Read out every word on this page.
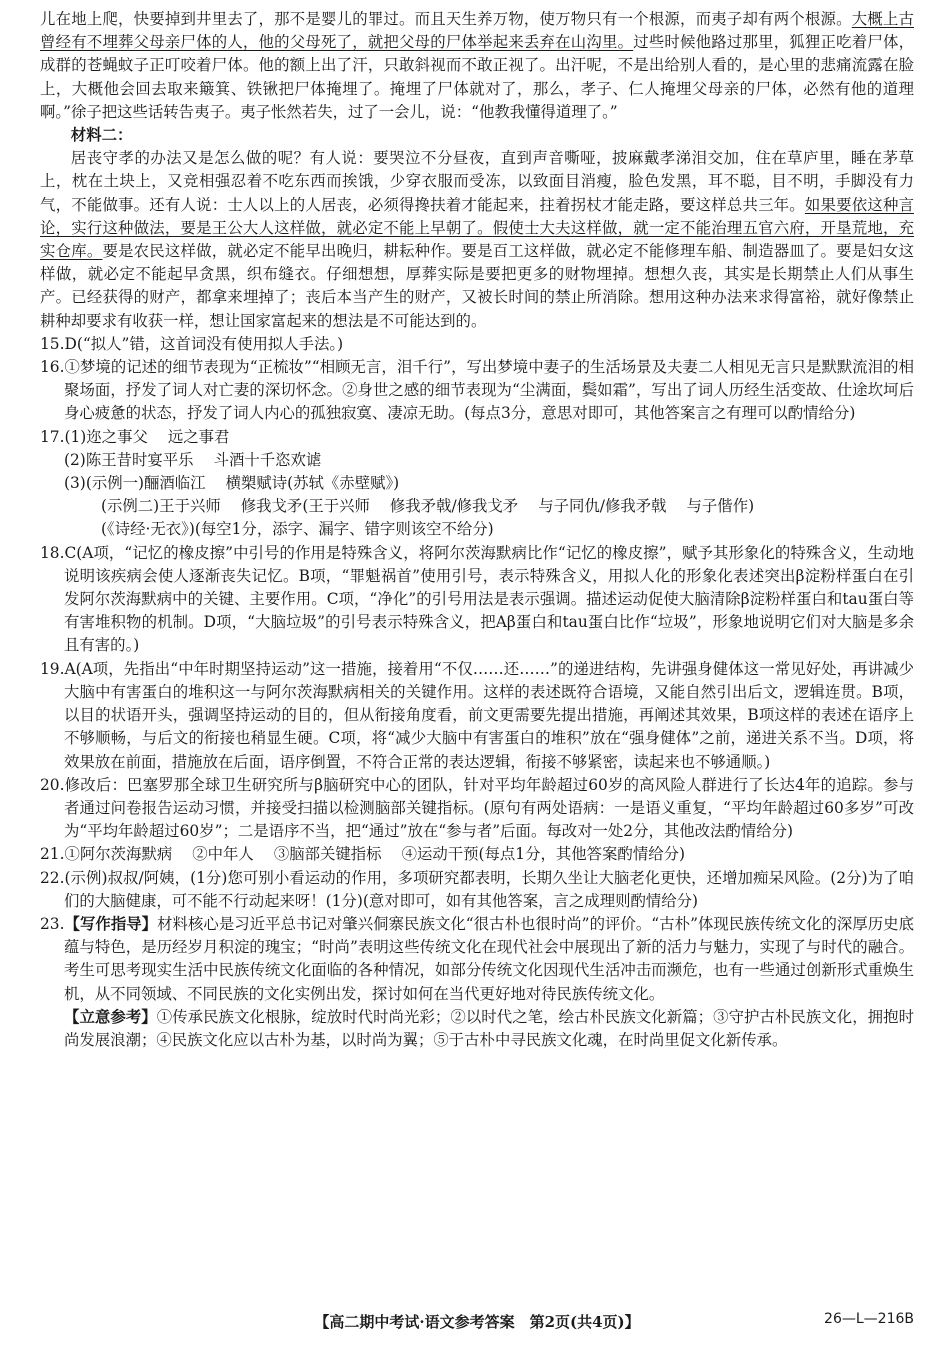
儿在地上爬，快要掉到井里去了，那不是婴儿的罪过。而且天生养万物，使万物只有一个根源，而夷子却有两个根源。大概上古曾经有不埋葬父母亲尸体的人，他的父母死了，就把父母的尸体举起来丢弃在山沟里。过些时候他路过那里，狐狸正吃着尸体，成群的苍蝇蚊子正叮咬着尸体。他的额上出了汗，只敢斜视而不敢正视了。出汗呢，不是出给别人看的，是心里的悲痛流露在脸上，大概他会回去取来簸箕、铁锹把尸体掩埋了。掩埋了尸体就对了，那么，孝子、仁人掩埋父母亲的尸体，必然有他的道理啊。”徐子把这些话转告夷子。夷子怅然若失，过了一会儿，说：“他教我懂得道理了。”

材料二：

居丧守孝的办法又是怎么做的呢？有人说：要哭泣不分昼夜，直到声音嘶哑，披麻戴孝涕泪交加，住在草庐里，睡在茅草上，枕在土块上，又竞相强忍着不吃东西而挨饿，少穿衣服而受冻，以致面目消瘦，脸色发黑，耳不聪，目不明，手脚没有力气，不能做事。还有人说：士人以上的人居丧，必须得搀扶着才能起来，拄着拐杖才能走路，要这样总共三年。如果要依这种言论，实行这种做法，要是王公大人这样做，就必定不能上早朝了。假使士大夫这样做，就一定不能治理五官六府，开垦荒地，充实仓库。要是农民这样做，就必定不能早出晚归，耕耘种作。要是百工这样做，就必定不能修理车船、制造器皿了。要是妇女这样做，就必定不能起早贪黑，织布缝衣。仔细想想，厚葬实际是要把更多的财物埋掉。想想久丧，其实是长期禁止人们从事生产。已经获得的财产，都拿来埋掉了；丧后本当产生的财产，又被长时间的禁止所消除。想用这种办法来求得富裕，就好像禁止耕种却要求有收获一样，想让国家富起来的想法是不可能达到的。

15.D(“拟人”错，这首词没有使用拟人手法。)

16.①梦境的记述的细节表现为“正梳妆”“相顾无言，泪千行”，写出梦境中妻子的生活场景及夫妻二人相见无言只是默默流泪的相聚场面，抒发了词人对亡妻的深切怀念。②身世之感的细节表现为“尘满面，鬓如霜”，写出了词人历经生活变故、仕途坎坷后身心疲惫的状态，抒发了词人内心的孤独寂寞、凄凉无助。(每点3分，意思对即可，其他答案言之有理可以酌情给分)

17.(1)迩之事父 远之事君

(2)陈王昔时宴平乐 斗酒十千恣欢谑

(3)(示例一)酾酒临江 横槊赋诗(苏轼《赤壁赋》)

(示例二)王于兴师 修我戈矛(王于兴师 修我矛戟/修我戈矛 与子同仇/修我矛戟 与子偕作)

(《诗经·无衣》)(每空1分，添字、漏字、错字则该空不给分)

18.C(A项，“记忆的橡皮擦”中引号的作用是特殊含义，将阿尔茨海默病比作“记忆的橡皮擦”，赋予其形象化的特殊含义，生动地说明该疾病会使人逐渐丧失记忆。B项，“罪魁祸首”使用引号，表示特殊含义，用拟人化的形象化表述突出β淀粉样蛋白在引发阿尔茨海默病中的关键、主要作用。C项，“净化”的引号用法是表示强调。描述运动促使大脑清除β淀粉样蛋白和tau蛋白等有害堆积物的机制。D项，“大脑垃圾”的引号表示特殊含义，把Aβ蛋白和tau蛋白比作“垃圾”，形象地说明它们对大脑是多余且有害的。)

19.A(A项，先指出“中年时期坚持运动”这一措施，接着用“不仅……还……”的递进结构，先讲强身健体这一常见好处，再讲减少大脑中有害蛋白的堆积这一与阿尔茨海默病相关的关键作用。这样的表述既符合语境，又能自然引出后文，逻辑连贯。B项，以目的状语开头，强调坚持运动的目的，但从衔接角度看，前文更需要先提出措施，再阐述其效果，B项这样的表述在语序上不够顺畅，与后文的衔接也稍显生硬。C项，将“减少大脑中有害蛋白的堆积”放在“强身健体”之前，递进关系不当。D项，将效果放在前面，措施放在后面，语序倒置，不符合正常的表达逻辑，衔接不够紧密，读起来也不够通顺。)

20.修改后：巴塞罗那全球卫生研究所与β脑研究中心的团队，针对平均年龄超过60岁的高风险人群进行了长达4年的追踪。参与者通过问卷报告运动习惯，并接受扫描以检测脑部关键指标。(原句有两处语病：一是语义重复，“平均年龄超过60多岁”可改为“平均年龄超过60岁”；二是语序不当，把“通过”放在“参与者”后面。每改对一处2分，其他改法酌情给分)

21.①阿尔茨海默病 ②中年人 ③脑部关键指标 ④运动干预(每点1分，其他答案酌情给分)

22.(示例)叔叔/阿姨，(1分)您可别小看运动的作用，多项研究都表明，长期久坐让大脑老化更快，还增加痴呆风险。(2分)为了咱们的大脑健康，可不能不行动起来呀！(1分)(意对即可，如有其他答案，言之成理则酌情给分)

23.【写作指导】材料核心是习近平总书记对肇兴侗寨民族文化“很古朴也很时尚”的评价。“古朴”体现民族传统文化的深厚历史底蕴与特色，是历经岁月积淀的瑰宝；“时尚”表明这些传统文化在现代社会中展现出了新的活力与魅力，实现了与时代的融合。考生可思考现实生活中民族传统文化面临的各种情况，如部分传统文化因现代生活冲击而濒危，也有一些通过创新形式重焕生机，从不同领域、不同民族的文化实例出发，探讨如何在当代更好地对待民族传统文化。

【立意参考】①传承民族文化根脉，绽放时代时尚光彩；②以时代之笔，绘古朴民族文化新篇；③守护古朴民族文化，拥抱时尚发展浪潮；④民族文化应以古朴为基，以时尚为翼；⑤于古朴中寻民族文化魂，在时尚里促文化新传承。

【高二期中考试·语文参考答案　第2页(共4页)】	26—L—216B
